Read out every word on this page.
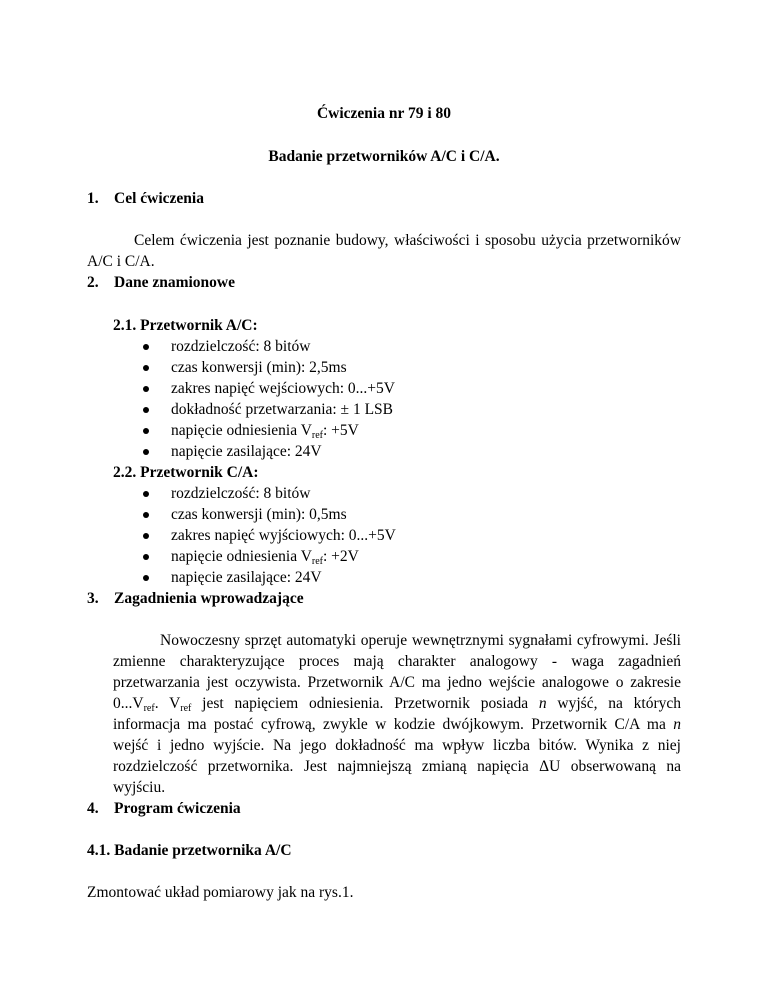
Ćwiczenia nr 79 i 80
Badanie przetworników A/C i C/A.
1. Cel ćwiczenia
Celem ćwiczenia jest poznanie budowy, właściwości i sposobu użycia przetworników A/C i C/A.
2. Dane znamionowe
2.1. Przetwornik A/C:
rozdzielczość: 8 bitów
czas konwersji (min): 2,5ms
zakres napięć wejściowych: 0...+5V
dokładność przetwarzania: ± 1 LSB
napięcie odniesienia $V_{ref}$: +5V
napięcie zasilające: 24V
2.2. Przetwornik C/A:
rozdzielczość: 8 bitów
czas konwersji (min): 0,5ms
zakres napięć wyjściowych: 0...+5V
napięcie odniesienia $V_{ref}$: +2V
napięcie zasilające: 24V
3. Zagadnienia wprowadzające
Nowoczesny sprzęt automatyki operuje wewnętrznymi sygnałami cyfrowymi. Jeśli zmienne charakteryzujące proces mają charakter analogowy - waga zagadnień przetwarzania jest oczywista. Przetwornik A/C ma jedno wejście analogowe o zakresie $0...V_{ref}$. $V_{ref}$ jest napięciem odniesienia. Przetwornik posiada n wyjść, na których informacja ma postać cyfrową, zwykle w kodzie dwójkowym. Przetwornik C/A ma n wejść i jedno wyjście. Na jego dokładność ma wpływ liczba bitów. Wynika z niej rozdzielczość przetwornika. Jest najmniejszą zmianą napięcia ΔU obserwowaną na wyjściu.
4. Program ćwiczenia
4.1. Badanie przetwornika A/C
Zmontować układ pomiarowy jak na rys.1.
